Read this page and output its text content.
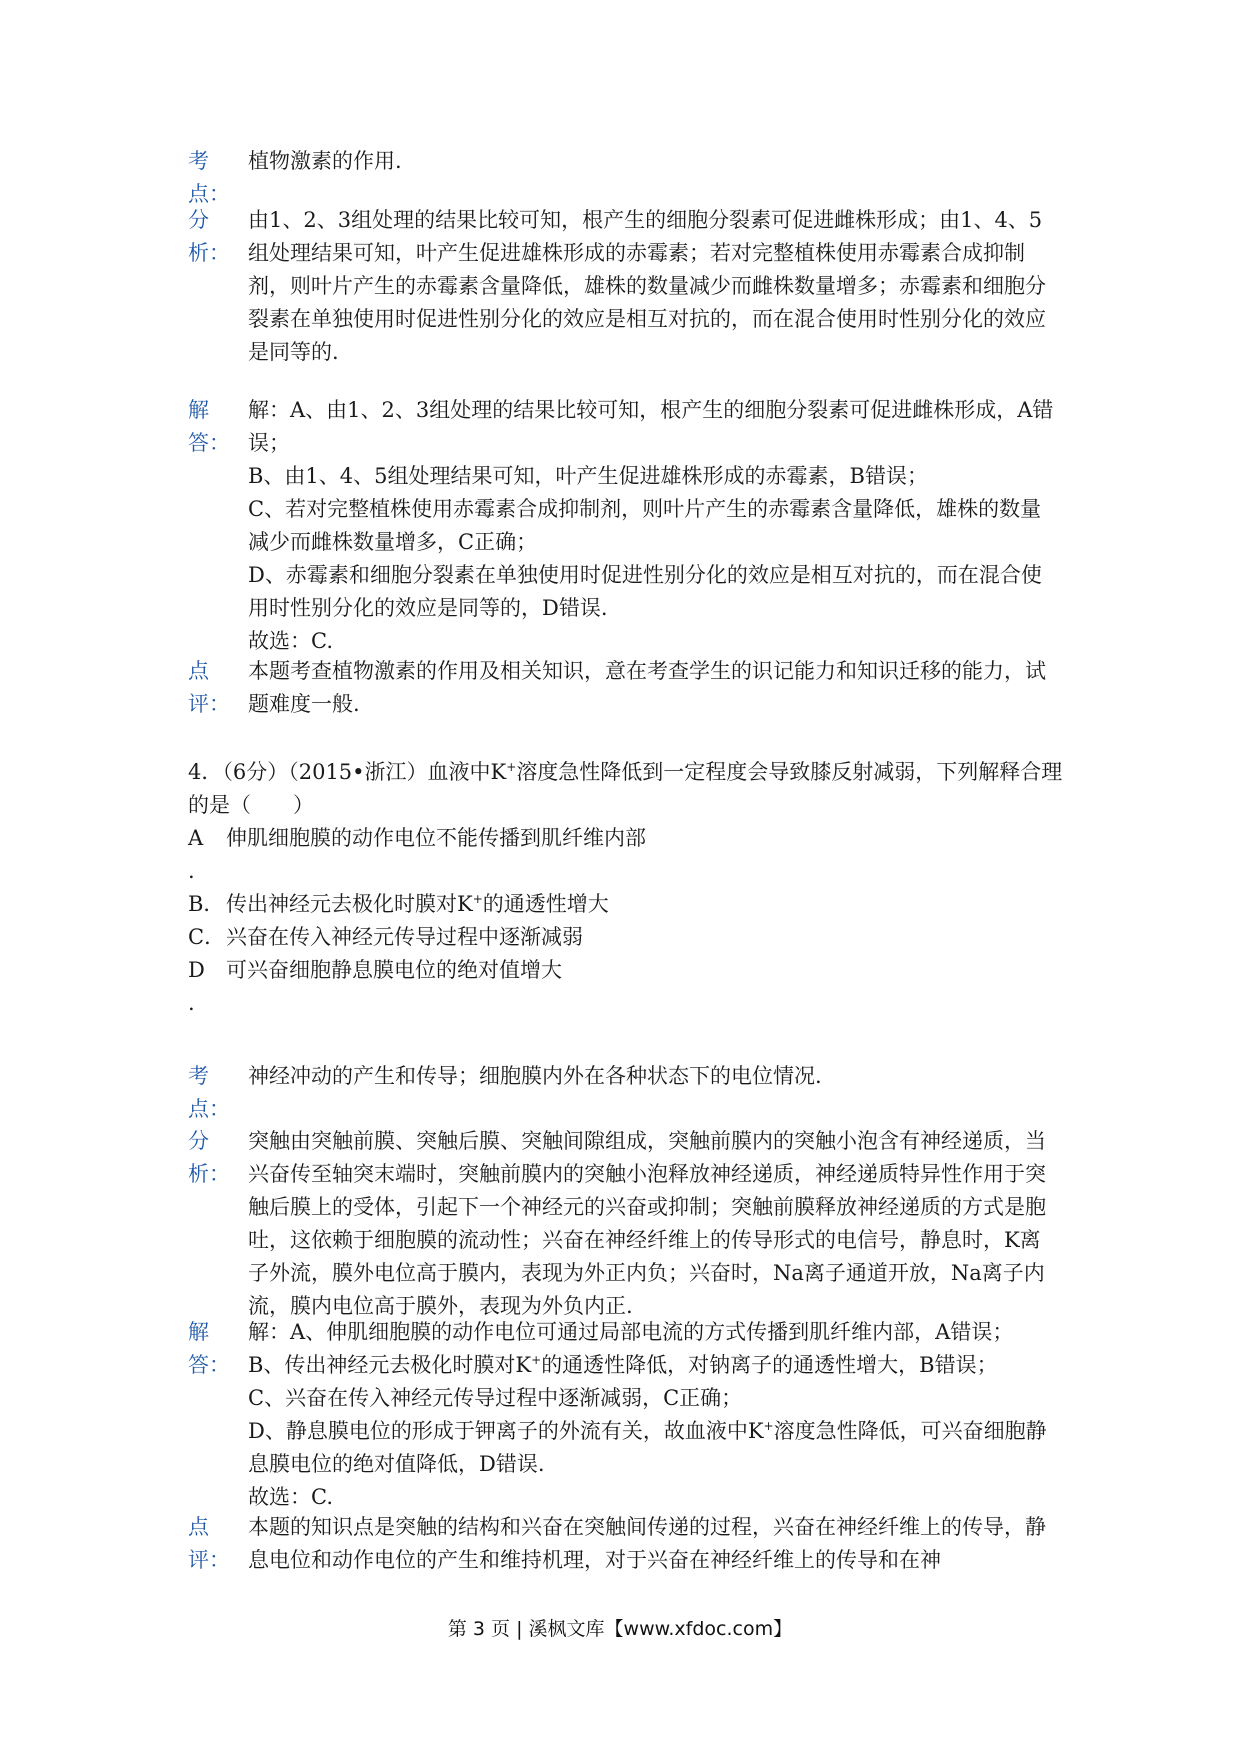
考
点：
植物激素的作用.
分
析：
由1、2、3组处理的结果比较可知，根产生的细胞分裂素可促进雌株形成；由1、4、5组处理结果可知，叶产生促进雄株形成的赤霉素；若对完整植株使用赤霉素合成抑制剂，则叶片产生的赤霉素含量降低，雄株的数量减少而雌株数量增多；赤霉素和细胞分裂素在单独使用时促进性别分化的效应是相互对抗的，而在混合使用时性别分化的效应是同等的.
解
答：

解：A、由1、2、3组处理的结果比较可知，根产生的细胞分裂素可促进雌株形成，A错误；

B、由1、4、5组处理结果可知，叶产生促进雄株形成的赤霉素，B错误；

C、若对完整植株使用赤霉素合成抑制剂，则叶片产生的赤霉素含量降低，雄株的数量减少而雌株数量增多，C正确；

D、赤霉素和细胞分裂素在单独使用时促进性别分化的效应是相互对抗的，而在混合使用时性别分化的效应是同等的，D错误.

故选：C.

点
评：
本题考查植物激素的作用及相关知识，意在考查学生的识记能力和知识迁移的能力，试题难度一般.

4．（6分）（2015•浙江）血液中K+溶度急性降低到一定程度会导致膝反射减弱，下列解释合理的是（　　）

A
.
伸肌细胞膜的动作电位不能传播到肌纤维内部
B． 传出神经元去极化时膜对K+的通透性增大
C． 兴奋在传入神经元传导过程中逐渐减弱
D
.
可兴奋细胞静息膜电位的绝对值增大
考
点：
神经冲动的产生和传导；细胞膜内外在各种状态下的电位情况.
分
析：
突触由突触前膜、突触后膜、突触间隙组成，突触前膜内的突触小泡含有神经递质，当兴奋传至轴突末端时，突触前膜内的突触小泡释放神经递质，神经递质特异性作用于突触后膜上的受体，引起下一个神经元的兴奋或抑制；突触前膜释放神经递质的方式是胞吐，这依赖于细胞膜的流动性；兴奋在神经纤维上的传导形式的电信号，静息时，K离子外流，膜外电位高于膜内，表现为外正内负；兴奋时，Na离子通道开放，Na离子内流，膜内电位高于膜外，表现为外负内正.
解
答：

解：A、伸肌细胞膜的动作电位可通过局部电流的方式传播到肌纤维内部，A错误；

B、传出神经元去极化时膜对K+的通透性降低，对钠离子的通透性增大，B错误；

C、兴奋在传入神经元传导过程中逐渐减弱，C正确；

D、静息膜电位的形成于钾离子的外流有关，故血液中K+溶度急性降低，可兴奋细胞静息膜电位的绝对值降低，D错误.

故选：C.

点
评：
本题的知识点是突触的结构和兴奋在突触间传递的过程，兴奋在神经纤维上的传导，静息电位和动作电位的产生和维持机理，对于兴奋在神经纤维上的传导和在神
第 3 页 | 溪枫文库【www.xfdoc.com】
